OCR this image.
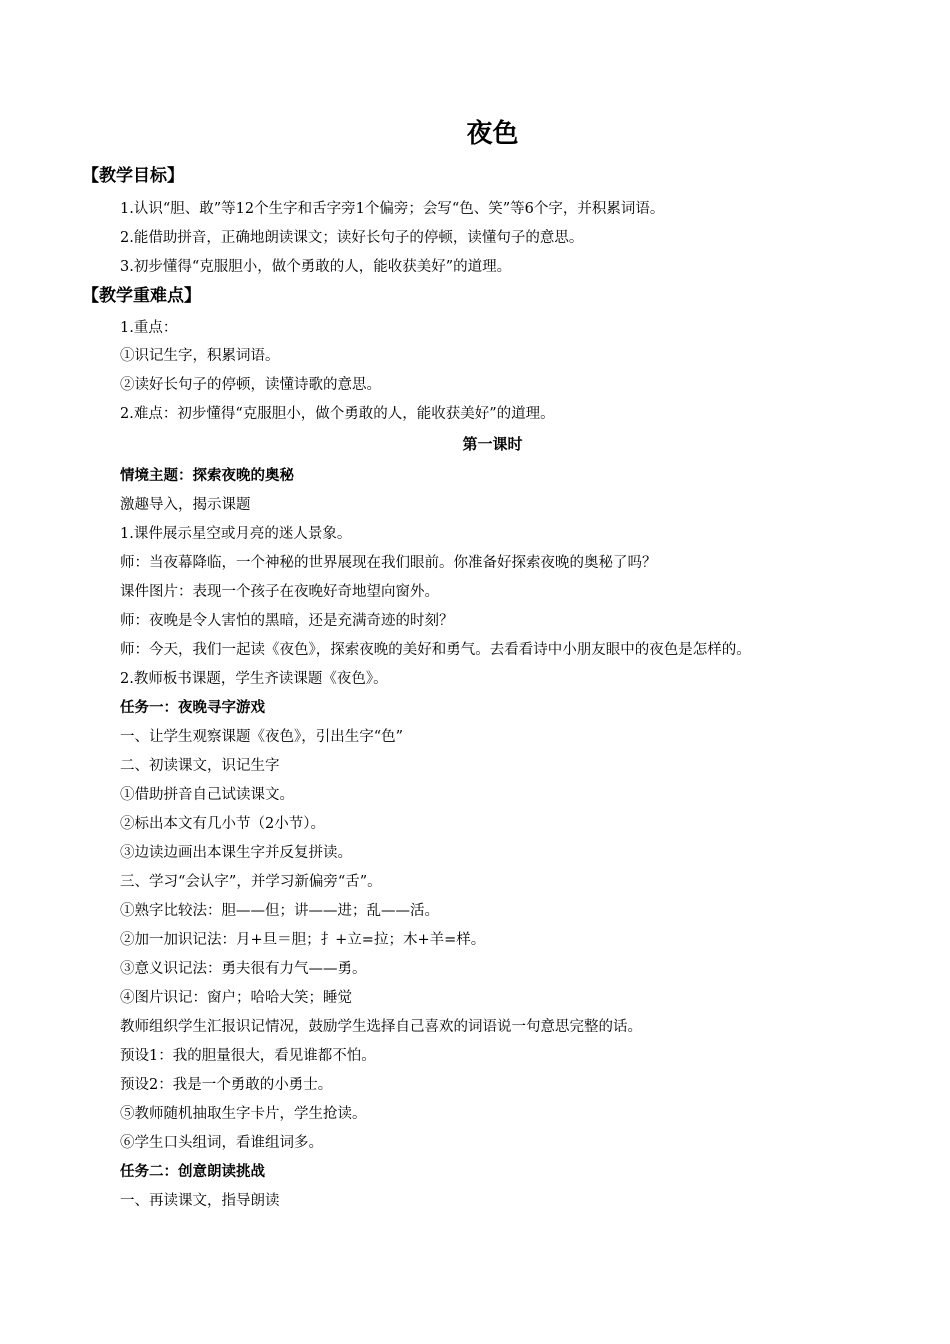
夜色
【教学目标】
1.认识“胆、敢”等12个生字和舌字旁1个偏旁；会写“色、笑”等6个字，并积累词语。
2.能借助拼音，正确地朗读课文；读好长句子的停顿，读懂句子的意思。
3.初步懂得“克服胆小，做个勇敢的人，能收获美好”的道理。
【教学重难点】
1.重点：
①识记生字，积累词语。
②读好长句子的停顿，读懂诗歌的意思。
2.难点：初步懂得“克服胆小，做个勇敢的人，能收获美好”的道理。
第一课时
情境主题：探索夜晚的奥秘
激趣导入，揭示课题
1.课件展示星空或月亮的迷人景象。
师：当夜幕降临，一个神秘的世界展现在我们眼前。你准备好探索夜晚的奥秘了吗？
课件图片：表现一个孩子在夜晚好奇地望向窗外。
师：夜晚是令人害怕的黑暗，还是充满奇迹的时刻？
师：今天，我们一起读《夜色》，探索夜晚的美好和勇气。去看看诗中小朋友眼中的夜色是怎样的。
2.教师板书课题，学生齐读课题《夜色》。
任务一：夜晚寻字游戏
一、让学生观察课题《夜色》，引出生字“色”
二、初读课文，识记生字
①借助拼音自己试读课文。
②标出本文有几小节（2小节）。
③边读边画出本课生字并反复拼读。
三、学习“会认字”，并学习新偏旁“舌”。
①熟字比较法：胆——但；讲——进；乱——活。
②加一加识记法：月+旦＝胆；扌+立=拉；木+羊=样。
③意义识记法：勇夫很有力气——勇。
④图片识记：窗户；哈哈大笑；睡觉
教师组织学生汇报识记情况，鼓励学生选择自己喜欢的词语说一句意思完整的话。
预设1：我的胆量很大，看见谁都不怕。
预设2：我是一个勇敢的小勇士。
⑤教师随机抽取生字卡片，学生抢读。
⑥学生口头组词，看谁组词多。
任务二：创意朗读挑战
一、再读课文，指导朗读
